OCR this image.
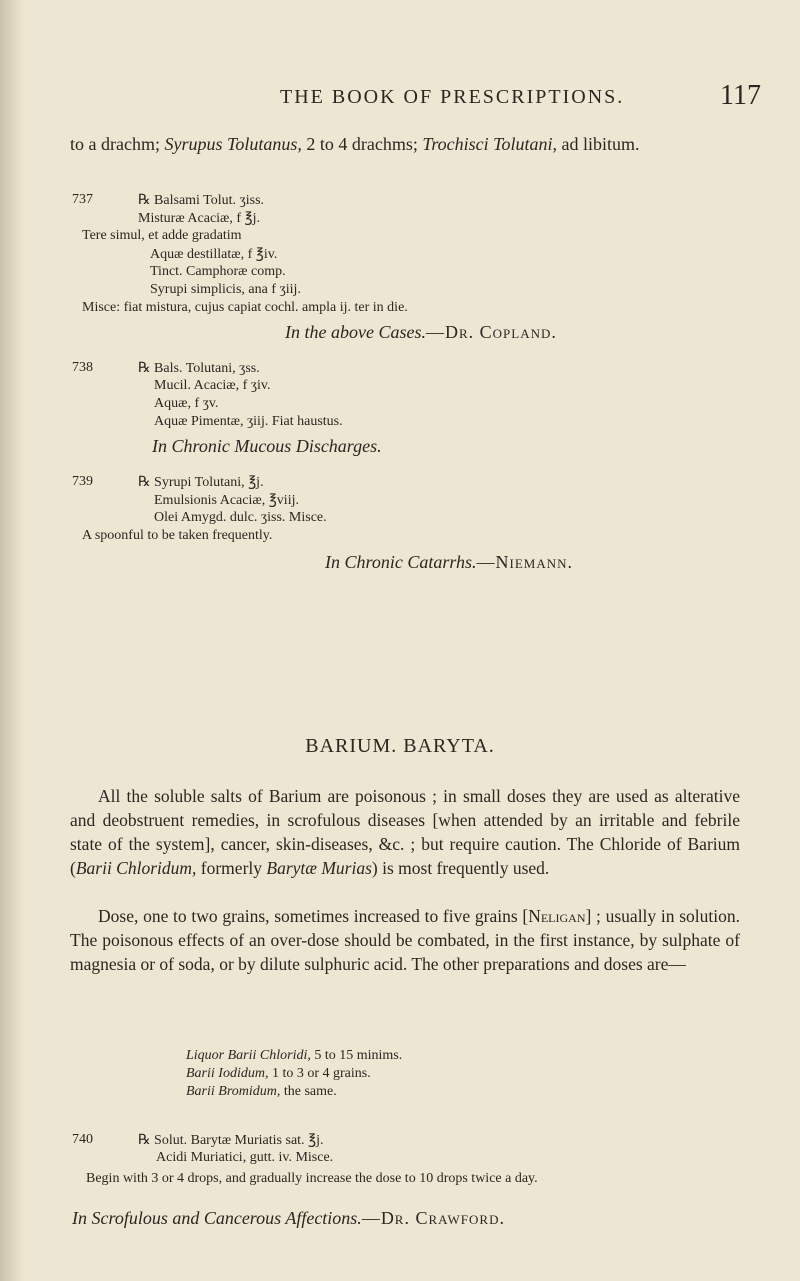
THE BOOK OF PRESCRIPTIONS.	117
to a drachm; Syrupus Tolutanus, 2 to 4 drachms; Trochisci Tolutani, ad libitum.
737	℞ Balsami Tolut. ʒiss.
Misturæ Acaciæ, f ℥j.
Tere simul, et adde gradatim
Aquæ destillatæ, f ℥iv.
Tinct. Camphoræ comp.
Syrupi simplicis, ana f ʒiij.
Misce: fiat mistura, cujus capiat cochl. ampla ij. ter in die.
In the above Cases.—Dr. Copland.
738	℞ Bals. Tolutani, ʒss.
Mucil. Acaciæ, f ʒiv.
Aquæ, f ʒv.
Aquæ Pimentæ, ʒiij. Fiat haustus.
In Chronic Mucous Discharges.
739	℞ Syrupi Tolutani, ℥j.
Emulsionis Acaciæ, ℥viij.
Olei Amygd. dulc. ʒiss. Misce.
A spoonful to be taken frequently.
In Chronic Catarrhs.—Niemann.
BARIUM. BARYTA.
All the soluble salts of Barium are poisonous ; in small doses they are used as alterative and deobstruent remedies, in scrofulous diseases [when attended by an irritable and febrile state of the system], cancer, skin-diseases, &c. ; but require caution. The Chloride of Barium (Barii Chloridum, formerly Barytæ Murias) is most frequently used.
Dose, one to two grains, sometimes increased to five grains [Neligan] ; usually in solution. The poisonous effects of an over-dose should be combated, in the first instance, by sulphate of magnesia or of soda, or by dilute sulphuric acid. The other preparations and doses are—
Liquor Barii Chloridi, 5 to 15 minims.
Barii Iodidum, 1 to 3 or 4 grains.
Barii Bromidum, the same.
740	℞ Solut. Barytæ Muriatis sat. ℥j.
Acidi Muriatici, gutt. iv. Misce.
Begin with 3 or 4 drops, and gradually increase the dose to 10 drops twice a day.
In Scrofulous and Cancerous Affections.—Dr. Crawford.
